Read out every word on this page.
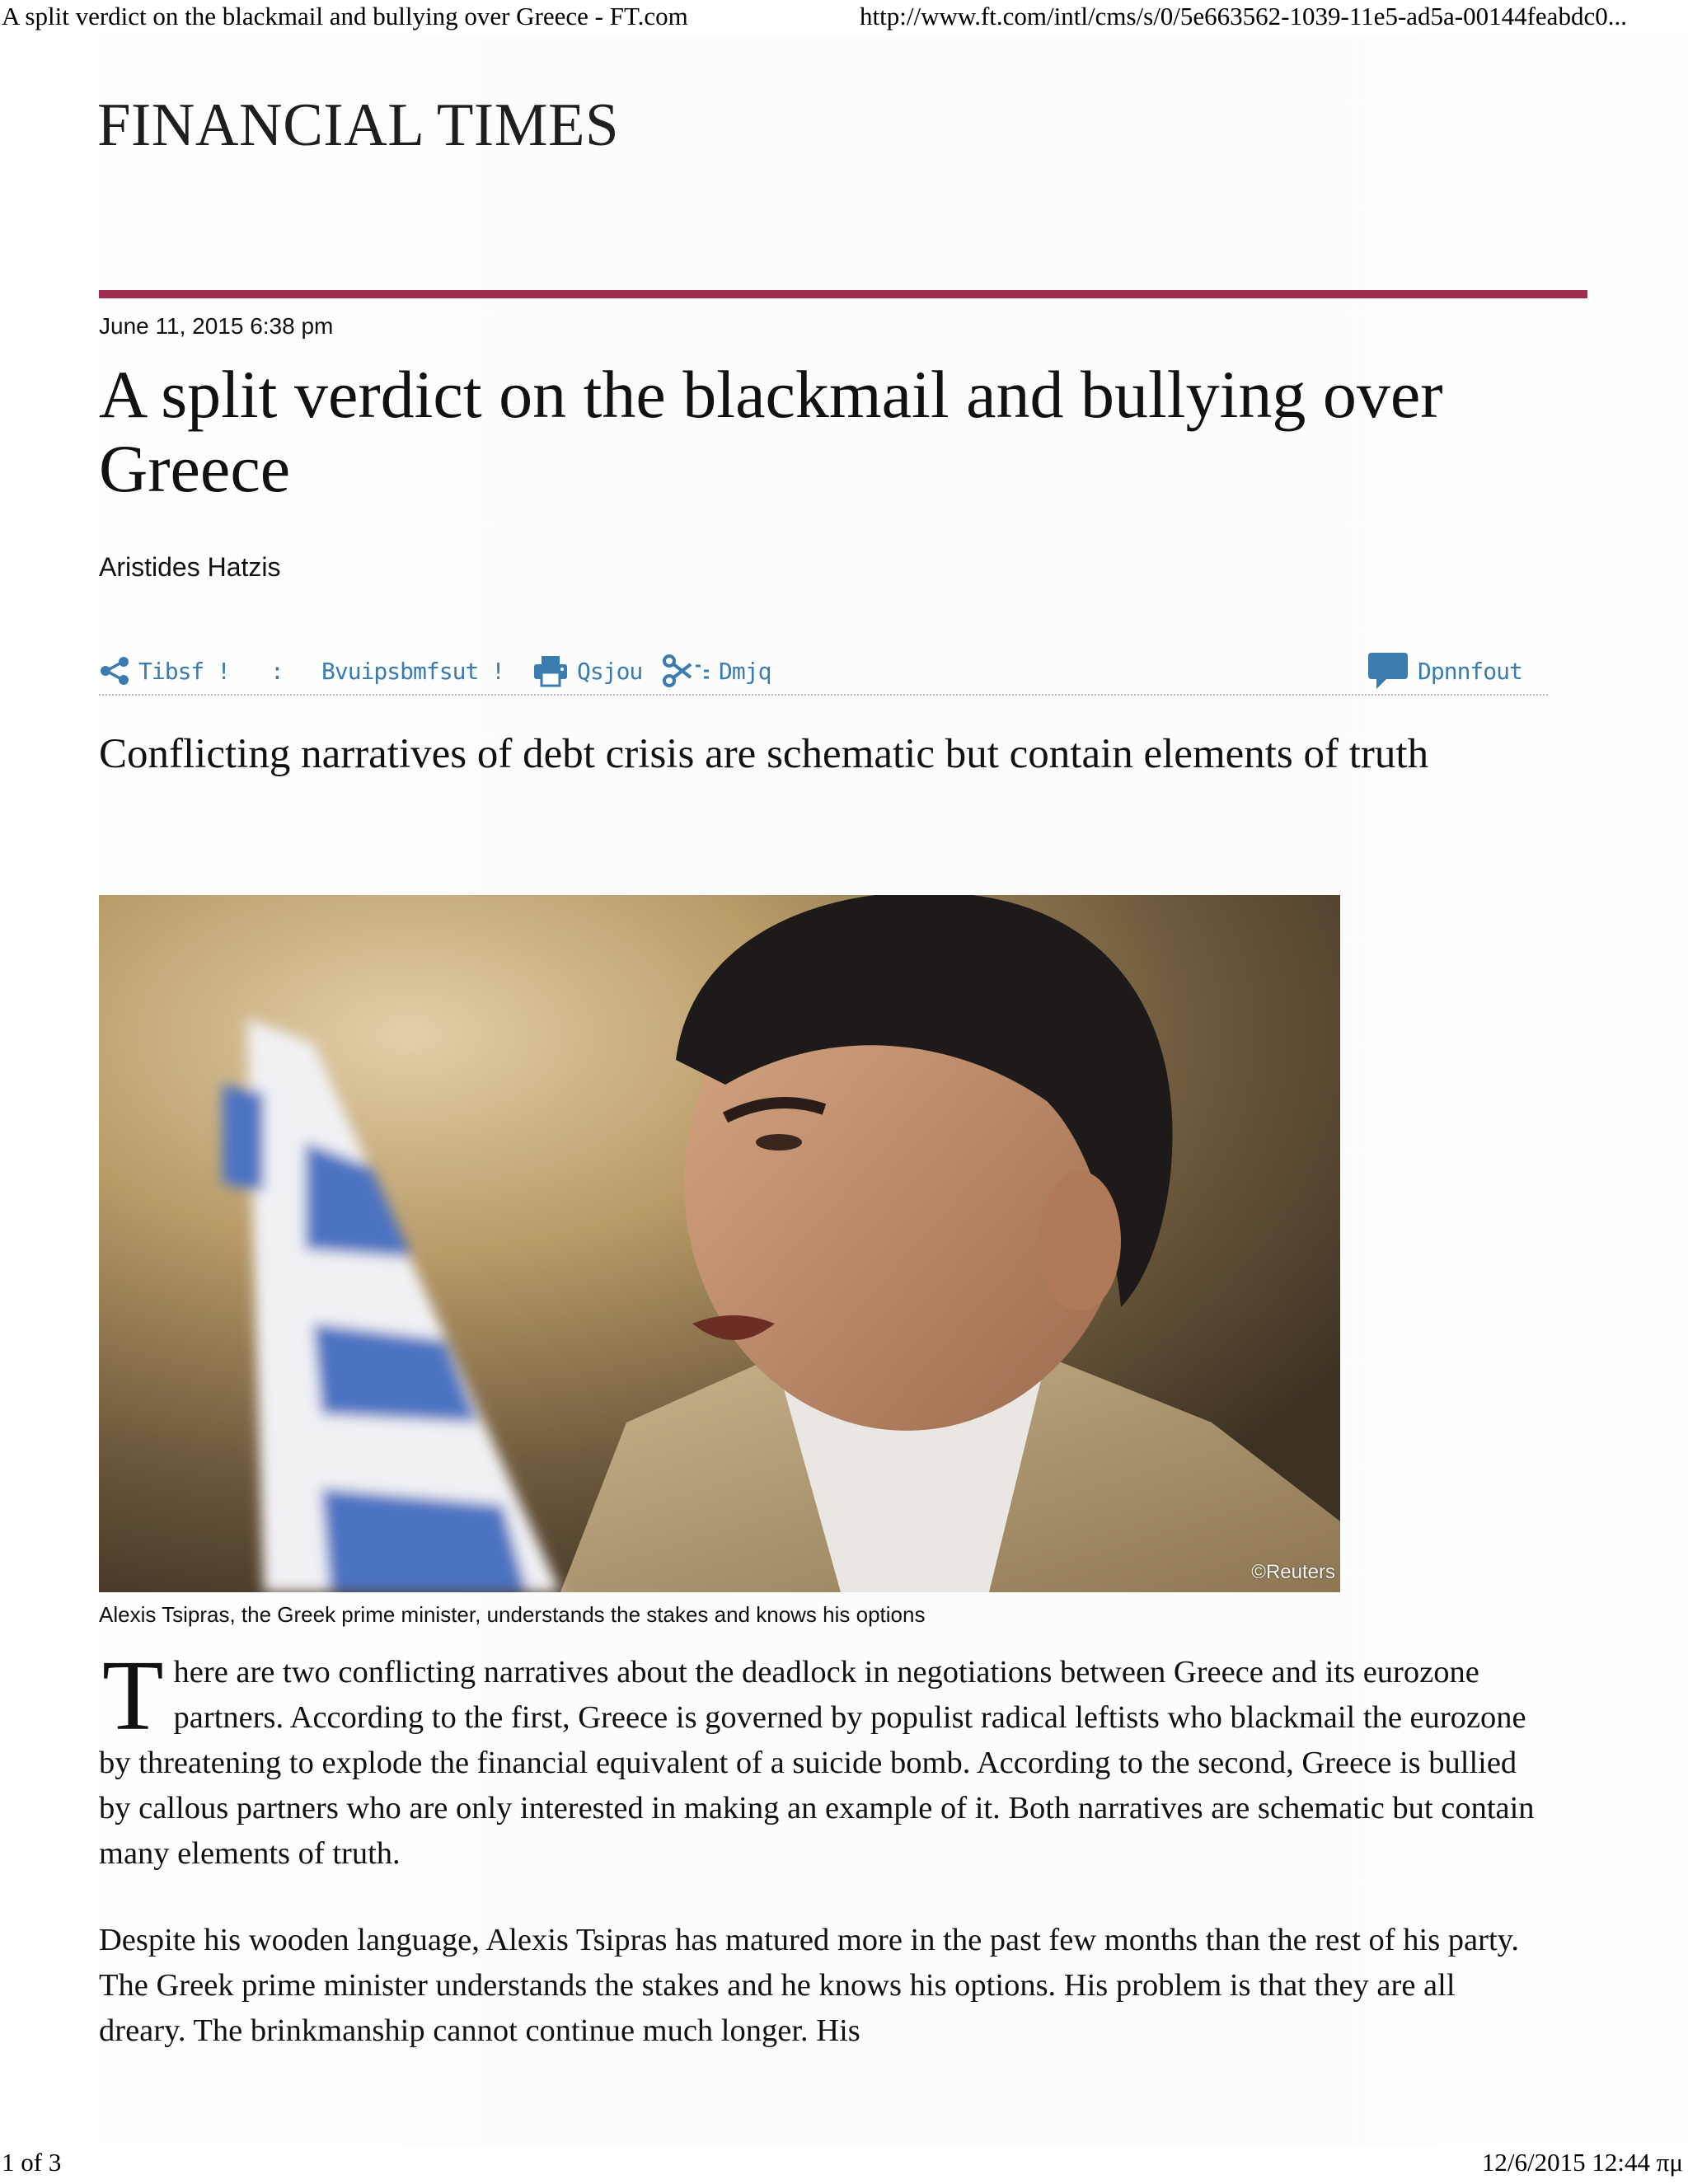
A split verdict on the blackmail and bullying over Greece - FT.com	http://www.ft.com/intl/cms/s/0/5e663562-1039-11e5-ad5a-00144feabdc0...
FINANCIAL TIMES
June 11, 2015 6:38 pm
A split verdict on the blackmail and bullying over Greece
Aristides Hatzis
Tibsf ! : Bvuipsbmfsut !	Qsjou	Dmjq	Dpnnfout
Conflicting narratives of debt crisis are schematic but contain elements of truth
©Reuters
Alexis Tsipras, the Greek prime minister, understands the stakes and knows his options

There are two conflicting narratives about the deadlock in negotiations between Greece and its eurozone partners. According to the first, Greece is governed by populist radical leftists who blackmail the eurozone by threatening to explode the financial equivalent of a suicide bomb. According to the second, Greece is bullied by callous partners who are only interested in making an example of it. Both narratives are schematic but contain many elements of truth.

Despite his wooden language, Alexis Tsipras has matured more in the past few months than the rest of his party. The Greek prime minister understands the stakes and he knows his options. His problem is that they are all dreary. The brinkmanship cannot continue much longer. His

1 of 3	12/6/2015 12:44 πμ
